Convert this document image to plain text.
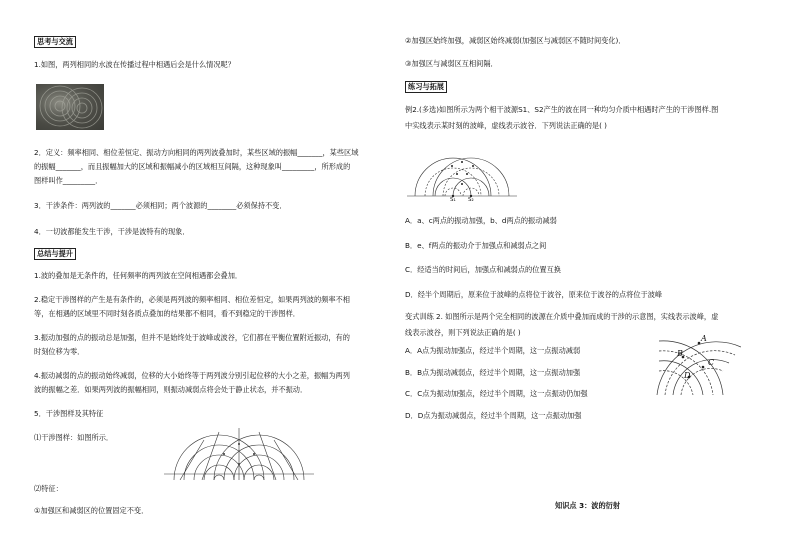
思考与交流
1.如图，两列相同的水波在传播过程中相遇后会是什么情况呢？
2．定义：频率相同、相位差恒定、振动方向相同的两列波叠加时，某些区域的振幅_______，某些区域
的振幅_______，而且振幅加大的区域和振幅减小的区域相互间隔，这种现象叫_________，所形成的
图样叫作_________．
3．干涉条件：两列波的_______必须相同；两个波源的________必须保持不变．
4．一切波都能发生干涉，干涉是波特有的现象．
总结与提升
1.波的叠加是无条件的，任何频率的两列波在空间相遇都会叠加．
2.稳定干涉图样的产生是有条件的，必须是两列波的频率相同、相位差恒定，如果两列波的频率不相
等，在相遇的区域里不同时刻各质点叠加的结果都不相同，看不到稳定的干涉图样．
3.振动加强的点的振动总是加强，但并不是始终处于波峰或波谷，它们都在平衡位置附近振动，有的
时刻位移为零．
4.振动减弱的点的振动始终减弱，位移的大小始终等于两列波分别引起位移的大小之差，振幅为两列
波的振幅之差．如果两列波的振幅相同，则振动减弱点将会处于静止状态，并不振动．
5．干涉图样及其特征
⑴干涉图样：如图所示．
⑵特征：
①加强区和减弱区的位置固定不变．
②加强区始终加强，减弱区始终减弱(加强区与减弱区不随时间变化)．
③加强区与减弱区互相间隔．
练习与拓展
例2.(多选)如图所示为两个相干波源S1、S2产生的波在同一种均匀介质中相遇时产生的干涉图样.图
中实线表示某时刻的波峰，虚线表示波谷．下列说法正确的是( )
S₁ S₂
A．a、c两点的振动加强，b、d两点的振动减弱
B．e、f两点的振动介于加强点和减弱点之间
C．经适当的时间后，加强点和减弱点的位置互换
D．经半个周期后，原来位于波峰的点将位于波谷，原来位于波谷的点将位于波峰
变式训练 2. 如图所示是两个完全相同的波源在介质中叠加而成的干涉的示意图，实线表示波峰，虚
线表示波谷，则下列说法正确的是( )
A．A点为振动加强点，经过半个周期，这一点振动减弱
B．B点为振动减弱点，经过半个周期，这一点振动加强
C．C点为振动加强点，经过半个周期，这一点振动仍加强
D．D点为振动减弱点，经过半个周期，这一点振动加强
A
B
C
D
知识点 3：波的衍射
